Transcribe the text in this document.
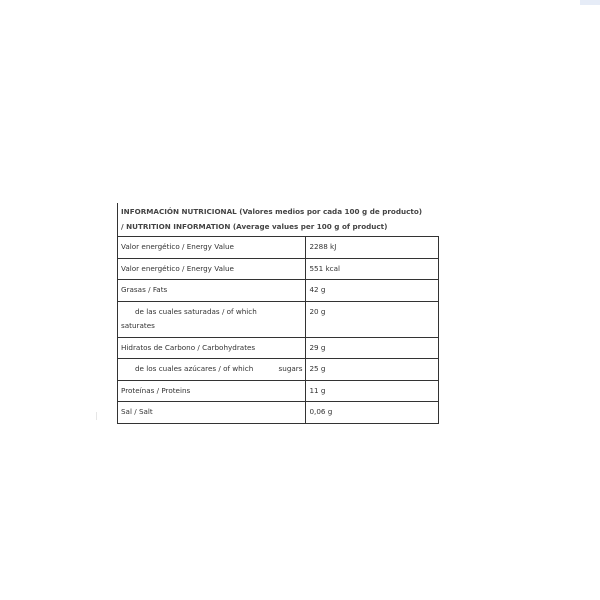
INFORMACIÓN NUTRICIONAL (Valores medios por cada 100 g de producto)
/ NUTRITION INFORMATION (Average values per 100 g of product)	

Valor energético / Energy Value	2288 kJ
Valor energético / Energy Value	551 kcal
Grasas / Fats	42 g

de las cuales saturadas / of which
saturates	20 g
Hidratos de Carbono / Carbohydrates	29 g

de los cuales azúcares / of which sugars	25 g
Proteínas / Proteins	11 g
Sal / Salt	0,06 g
